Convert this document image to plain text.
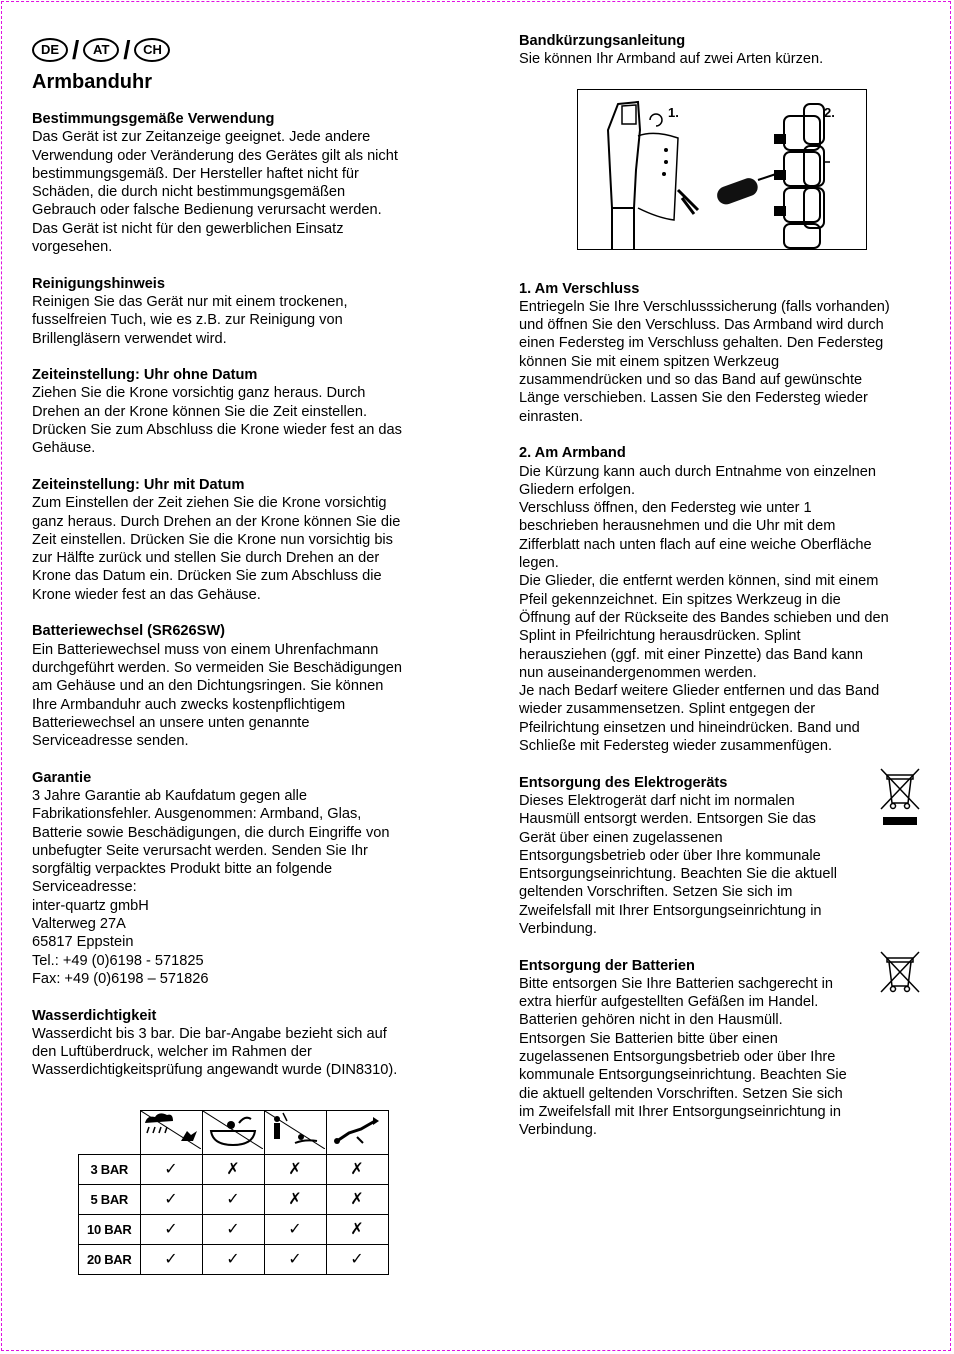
DE /	AT / CH
Armbanduhr
Bestimmungsgemäße Verwendung
Das Gerät ist zur Zeitanzeige geeignet. Jede andere
Verwendung oder Veränderung des Gerätes gilt als nicht
bestimmungsgemäß. Der Hersteller haftet nicht für
Schäden, die durch nicht bestimmungsgemäßen
Gebrauch oder falsche Bedienung verursacht werden.
Das Gerät ist nicht für den gewerblichen Einsatz
vorgesehen.
Reinigungshinweis
Reinigen Sie das Gerät nur mit einem trockenen,
fusselfreien Tuch, wie es z.B. zur Reinigung von
Brillengläsern verwendet wird.
Zeiteinstellung: Uhr ohne Datum
Ziehen Sie die Krone vorsichtig ganz heraus. Durch
Drehen an der Krone können Sie die Zeit einstellen.
Drücken Sie zum Abschluss die Krone wieder fest an das
Gehäuse.
Zeiteinstellung: Uhr mit Datum
Zum Einstellen der Zeit ziehen Sie die Krone vorsichtig
ganz heraus. Durch Drehen an der Krone können Sie die
Zeit einstellen. Drücken Sie die Krone nun vorsichtig bis
zur Hälfte zurück und stellen Sie durch Drehen an der
Krone das Datum ein. Drücken Sie zum Abschluss die
Krone wieder fest an das Gehäuse.
Batteriewechsel (SR626SW)
Ein Batteriewechsel muss von einem Uhrenfachmann
durchgeführt werden. So vermeiden Sie Beschädigungen
am Gehäuse und an den Dichtungsringen. Sie können
Ihre Armbanduhr auch zwecks kostenpflichtigem
Batteriewechsel an unsere unten genannte
Serviceadresse senden.
Garantie
3 Jahre Garantie ab Kaufdatum gegen alle
Fabrikationsfehler. Ausgenommen: Armband, Glas,
Batterie sowie Beschädigungen, die durch Eingriffe von
unbefugter Seite verursacht werden. Senden Sie Ihr
sorgfältig verpacktes Produkt bitte an folgende
Serviceadresse:
inter-quartz gmbH
Valterweg 27A
65817 Eppstein
Tel.: +49 (0)6198 - 571825
Fax: +49 (0)6198 – 571826
Wasserdichtigkeit
Wasserdicht bis 3 bar. Die bar-Angabe bezieht sich auf
den Luftüberdruck, welcher im Rahmen der
Wasserdichtigkeitsprüfung angewandt wurde (DIN8310).

3 BAR	✓	✗	✗	✗
5 BAR	✓	✓	✗	✗
10 BAR	✓	✓	✓	✗
20 BAR	✓	✓	✓	✓
Bandkürzungsanleitung
Sie können Ihr Armband auf zwei Arten kürzen.
1. Am Verschluss
Entriegeln Sie Ihre Verschlusssicherung (falls vorhanden)
und öffnen Sie den Verschluss. Das Armband wird durch
einen Federsteg im Verschluss gehalten. Den Federsteg
können Sie mit einem spitzen Werkzeug
zusammendrücken und so das Band auf gewünschte
Länge verschieben. Lassen Sie den Federsteg wieder
einrasten.
2. Am Armband
Die Kürzung kann auch durch Entnahme von einzelnen
Gliedern erfolgen.
Verschluss öffnen, den Federsteg wie unter 1
beschrieben herausnehmen und die Uhr mit dem
Zifferblatt nach unten flach auf eine weiche Oberfläche
legen.
Die Glieder, die entfernt werden können, sind mit einem
Pfeil gekennzeichnet. Ein spitzes Werkzeug in die
Öffnung auf der Rückseite des Bandes schieben und den
Splint in Pfeilrichtung herausdrücken. Splint
herausziehen (ggf. mit einer Pinzette) das Band kann
nun auseinandergenommen werden.
Je nach Bedarf weitere Glieder entfernen und das Band
wieder zusammensetzen. Splint entgegen der
Pfeilrichtung einsetzen und hineindrücken. Band und
Schließe mit Federsteg wieder zusammenfügen.
Entsorgung des Elektrogeräts
Dieses Elektrogerät darf nicht im normalen
Hausmüll entsorgt werden. Entsorgen Sie das
Gerät über einen zugelassenen
Entsorgungsbetrieb oder über Ihre kommunale
Entsorgungseinrichtung. Beachten Sie die aktuell
geltenden Vorschriften. Setzen Sie sich im
Zweifelsfall mit Ihrer Entsorgungseinrichtung in
Verbindung.
Entsorgung der Batterien
Bitte entsorgen Sie Ihre Batterien sachgerecht in
extra hierfür aufgestellten Gefäßen im Handel.
Batterien gehören nicht in den Hausmüll.
Entsorgen Sie Batterien bitte über einen
zugelassenen Entsorgungsbetrieb oder über Ihre
kommunale Entsorgungseinrichtung. Beachten Sie
die aktuell geltenden Vorschriften. Setzen Sie sich
im Zweifelsfall mit Ihrer Entsorgungseinrichtung in
Verbindung.
1.	2.
